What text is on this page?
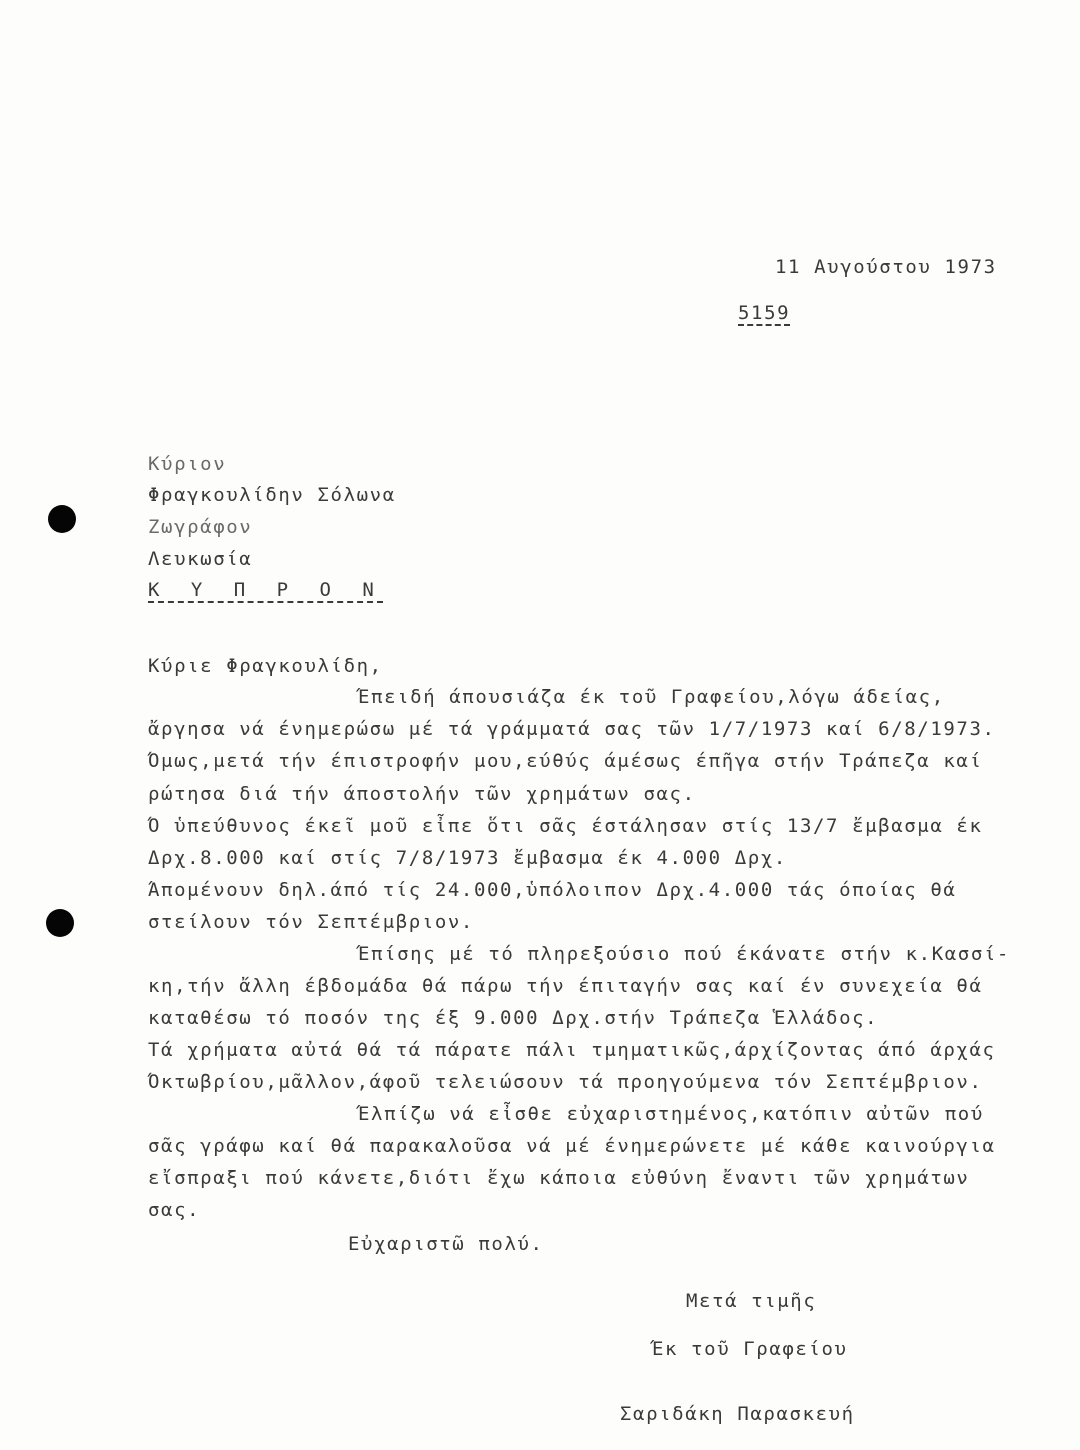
11 Αυγούστου 1973
5159
Κύριον
Φραγκουλίδην Σόλωνα
Ζωγράφον
Λευκωσία
Κ Υ Π Ρ Ο Ν
Κύριε Φραγκουλίδη,
Έπειδή άπουσιάζα έκ τοῦ Γραφείου,λόγω άδείας,
ἄργησα νά ένημερώσω μέ τά γράμματά σας τῶν 1/7/1973 καί 6/8/1973.
Όμως,μετά τήν έπιστροφήν μου,εύθύς άμέσως έπῆγα στήν Τράπεζα καί
ρώτησα διά τήν άποστολήν τῶν χρημάτων σας.
Ό ὑπεύθυνος έκεῖ μοῦ εἶπε ὅτι σᾶς έστάλησαν στίς 13/7 ἔμβασμα έκ
Δρχ.8.000 καί στίς 7/8/1973 ἔμβασμα έκ 4.000 Δρχ.
Άπομένουν δηλ.άπό τίς 24.000,ὑπόλοιπον Δρχ.4.000 τάς όποίας θά
στείλουν τόν Σεπτέμβριον.
Έπίσης μέ τό πληρεξούσιο πού έκάνατε στήν κ.Κασσί-
κη,τήν ἄλλη έβδομάδα θά πάρω τήν έπιταγήν σας καί έν συνεχεία θά
καταθέσω τό ποσόν της έξ 9.000 Δρχ.στήν Τράπεζα Ἑλλάδος.
Τά χρήματα αὐτά θά τά πάρατε πάλι τμηματικῶς,άρχίζοντας άπό άρχάς
Όκτωβρίου,μᾶλλον,άφοῦ τελειώσουν τά προηγούμενα τόν Σεπτέμβριον.
Έλπίζω νά εἶσθε εὐχαριστημένος,κατόπιν αὐτῶν πού
σᾶς γράφω καί θά παρακαλοῦσα νά μέ ένημερώνετε μέ κάθε καινούργια
εἴσπραξι πού κάνετε,διότι ἔχω κάποια εὐθύνη ἔναντι τῶν χρημάτων
σας.
Εὐχαριστῶ πολύ.
Μετά τιμῆς
Έκ τοῦ Γραφείου
Σαριδάκη Παρασκευή
